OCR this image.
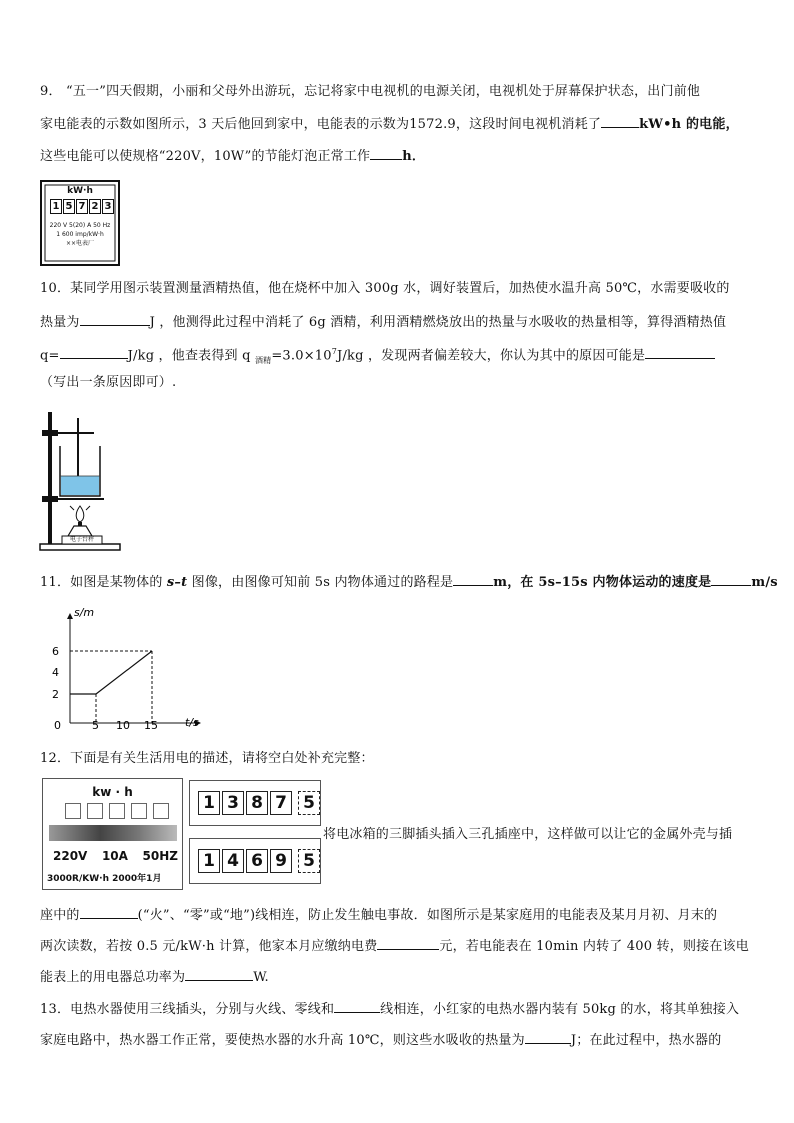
9． “五一”四天假期，小丽和父母外出游玩，忘记将家中电视机的电源关闭，电视机处于屏幕保护状态，出门前他
家电能表的示数如图所示，3 天后他回到家中，电能表的示数为1572.9，这段时间电视机消耗了	kW•h 的电能，
这些电能可以使规格“220V，10W”的节能灯泡正常工作 h．
kW·h
1 5 7 2 3
220 V 5(20) A 50 Hz
1 600 imp/kW·h
××电表厂
10．某同学用图示装置测量酒精热值，他在烧杯中加入 300g 水，调好装置后，加热使水温升高 50℃，水需要吸收的
热量为	J ，他测得此过程中消耗了 6g 酒精，利用酒精燃烧放出的热量与水吸收的热量相等，算得酒精热值
q=	J/kg ，他查表得到 q $_{酒精}=3.0\times 10^7J/kg$ ，发现两者偏差较大，你认为其中的原因可能是
（写出一条原因即可）.
电子台秤
11．如图是某物体的 s–t 图像，由图像可知前 5s 内物体通过的路程是	m，在 5s–15s 内物体运动的速度是	m/s
s/m
t/s
0
2
4
6
5 10 15
12．下面是有关生活用电的描述，请将空白处补充完整：
kw · h
220V 10A 50HZ
3000R/KW·h 2000年1月
1 3 8 7 5
1 4 6 9 5
将电冰箱的三脚插头插入三孔插座中，这样做可以让它的金属外壳与插
座中的	(“火”、“零”或“地”)线相连，防止发生触电事故．如图所示是某家庭用的电能表及某月月初、月末的
两次读数，若按 0.5 元/kW·h 计算，他家本月应缴纳电费	元，若电能表在 10min 内转了 400 转，则接在该电
能表上的用电器总功率为	W.
13．电热水器使用三线插头，分别与火线、零线和	线相连，小红家的电热水器内装有 50kg 的水，将其单独接入
家庭电路中，热水器工作正常，要使热水器的水升高 10℃，则这些水吸收的热量为	J；在此过程中，热水器的
